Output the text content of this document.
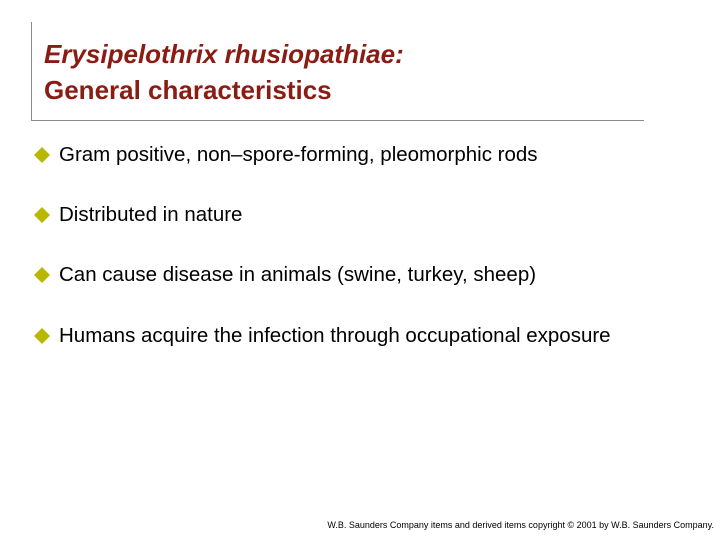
Erysipelothrix rhusiopathiae:
General characteristics
Gram positive, non–spore-forming, pleomorphic rods
Distributed in nature
Can cause disease in animals (swine, turkey, sheep)
Humans acquire the infection through occupational exposure
W.B. Saunders Company items and derived items copyright © 2001 by W.B. Saunders Company.
